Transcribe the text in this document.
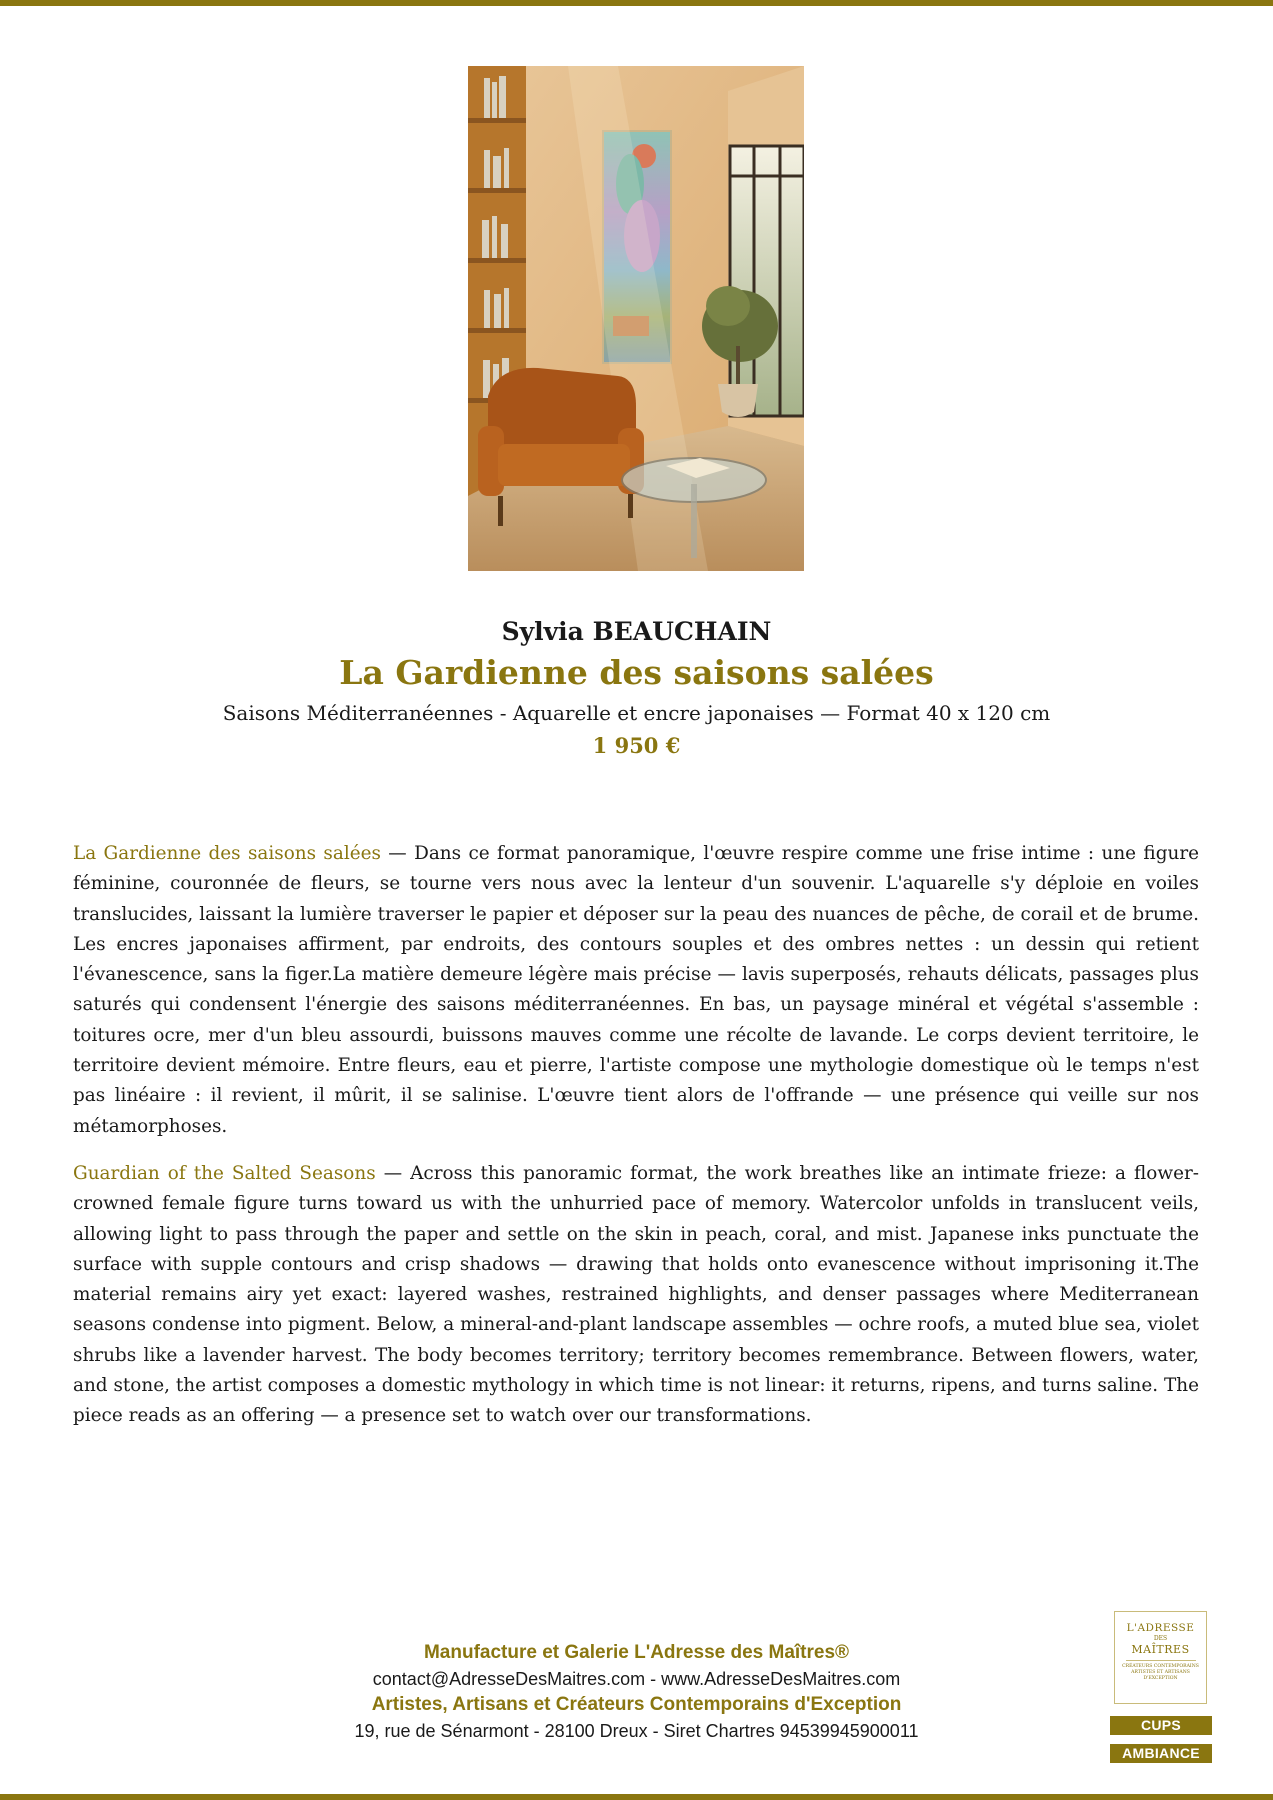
Sylvia BEAUCHAIN
La Gardienne des saisons salées
Saisons Méditerranéennes - Aquarelle et encre japonaises — Format 40 x 120 cm
1 950 €

La Gardienne des saisons salées — Dans ce format panoramique, l'œuvre respire comme une frise intime : une figure féminine, couronnée de fleurs, se tourne vers nous avec la lenteur d'un souvenir. L'aquarelle s'y déploie en voiles translucides, laissant la lumière traverser le papier et déposer sur la peau des nuances de pêche, de corail et de brume. Les encres japonaises affirment, par endroits, des contours souples et des ombres nettes : un dessin qui retient l'évanescence, sans la figer.La matière demeure légère mais précise — lavis superposés, rehauts délicats, passages plus saturés qui condensent l'énergie des saisons méditerranéennes. En bas, un paysage minéral et végétal s'assemble : toitures ocre, mer d'un bleu assourdi, buissons mauves comme une récolte de lavande. Le corps devient territoire, le territoire devient mémoire. Entre fleurs, eau et pierre, l'artiste compose une mythologie domestique où le temps n'est pas linéaire : il revient, il mûrit, il se salinise. L'œuvre tient alors de l'offrande — une présence qui veille sur nos métamorphoses.

Guardian of the Salted Seasons — Across this panoramic format, the work breathes like an intimate frieze: a flower-crowned female figure turns toward us with the unhurried pace of memory. Watercolor unfolds in translucent veils, allowing light to pass through the paper and settle on the skin in peach, coral, and mist. Japanese inks punctuate the surface with supple contours and crisp shadows — drawing that holds onto evanescence without imprisoning it.The material remains airy yet exact: layered washes, restrained highlights, and denser passages where Mediterranean seasons condense into pigment. Below, a mineral-and-plant landscape assembles — ochre roofs, a muted blue sea, violet shrubs like a lavender harvest. The body becomes territory; territory becomes remembrance. Between flowers, water, and stone, the artist composes a domestic mythology in which time is not linear: it returns, ripens, and turns saline. The piece reads as an offering — a presence set to watch over our transformations.

Manufacture et Galerie L'Adresse des Maîtres®
contact@AdresseDesMaitres.com - www.AdresseDesMaitres.com
Artistes, Artisans et Créateurs Contemporains d'Exception
19, rue de Sénarmont - 28100 Dreux - Siret Chartres 94539945900011
L'ADRESSE
DES
MAÎTRES
CRÉATEURS CONTEMPORAINS ARTISTES ET ARTISANS D'EXCEPTION
CUPS
AMBIANCE
